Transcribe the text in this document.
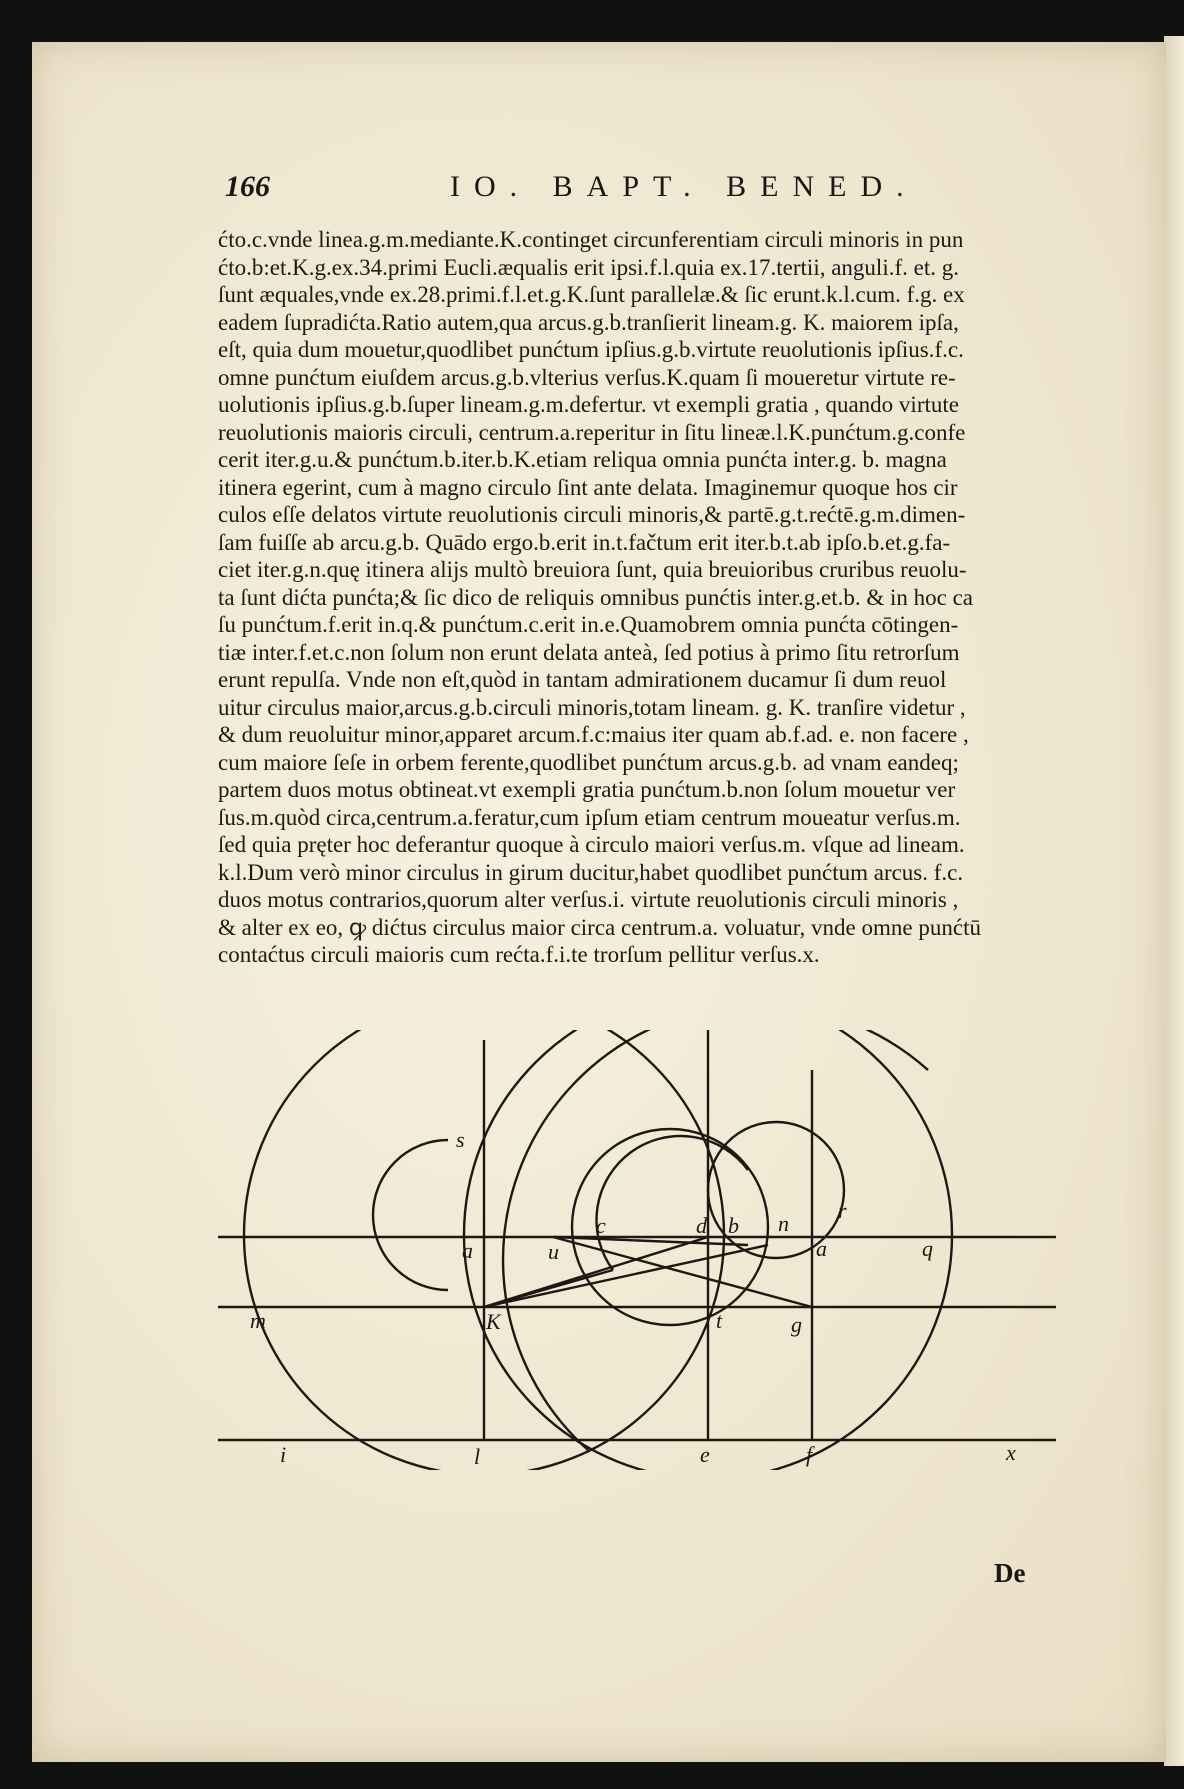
166	IO. BAPT. BENED.
ćto.c.vnde linea.g.m.mediante.K.continget circunferentiam circuli minoris in pun
ćto.b:et.K.g.ex.34.primi Eucli.æqualis erit ipsi.f.l.quia ex.17.tertii, anguli.f. et. g.
ſunt æquales,vnde ex.28.primi.f.l.et.g.K.ſunt parallelæ.& ſic erunt.k.l.cum. f.g. ex
eadem ſupradićta.Ratio autem,qua arcus.g.b.tranſierit lineam.g. K. maiorem ipſa,
eſt, quia dum mouetur,quodlibet punćtum ipſius.g.b.virtute reuolutionis ipſius.f.c.
omne punćtum eiuſdem arcus.g.b.vlterius verſus.K.quam ſi moueretur virtute re-
uolutionis ipſius.g.b.ſuper lineam.g.m.defertur. vt exempli gratia , quando virtute
reuolutionis maioris circuli, centrum.a.reperitur in ſitu lineæ.l.K.punćtum.g.confe
cerit iter.g.u.& punćtum.b.iter.b.K.etiam reliqua omnia punćta inter.g. b. magna
itinera egerint, cum à magno circulo ſint ante delata. Imaginemur quoque hos cir
culos eſſe delatos virtute reuolutionis circuli minoris,& partē.g.t.rećtē.g.m.dimen-
ſam fuiſſe ab arcu.g.b. Quādo ergo.b.erit in.t.fačtum erit iter.b.t.ab ipſo.b.et.g.fa-
ciet iter.g.n.quę itinera alijs multò breuiora ſunt, quia breuioribus cruribus reuolu-
ta ſunt dićta punćta;& ſic dico de reliquis omnibus punćtis inter.g.et.b. & in hoc ca
ſu punćtum.f.erit in.q.& punćtum.c.erit in.e.Quamobrem omnia punćta cōtingen-
tiæ inter.f.et.c.non ſolum non erunt delata anteà, ſed potius à primo ſitu retrorſum
erunt repulſa. Vnde non eſt,quòd in tantam admirationem ducamur ſi dum reuol
uitur circulus maior,arcus.g.b.circuli minoris,totam lineam. g. K. tranſire videtur ,
& dum reuoluitur minor,apparet arcum.f.c:maius iter quam ab.f.ad. e. non facere ,
cum maiore ſeſe in orbem ferente,quodlibet punćtum arcus.g.b. ad vnam eandeq;
partem duos motus obtineat.vt exempli gratia punćtum.b.non ſolum mouetur ver
ſus.m.quòd circa,centrum.a.feratur,cum ipſum etiam centrum moueatur verſus.m.
ſed quia pręter hoc deferantur quoque à circulo maiori verſus.m. vſque ad lineam.
k.l.Dum verò minor circulus in girum ducitur,habet quodlibet punćtum arcus. f.c.
duos motus contrarios,quorum alter verſus.i. virtute reuolutionis circuli minoris ,
& alter ex eo, ꝙ dićtus circulus maior circa centrum.a. voluatur, vnde omne punćtū
contaćtus circuli maioris cum rećta.f.i.te trorſum pellitur verſus.x.
s
a	u
c	d b n
r
a	q
m	K	t	g
i	l	e	f	x
De
